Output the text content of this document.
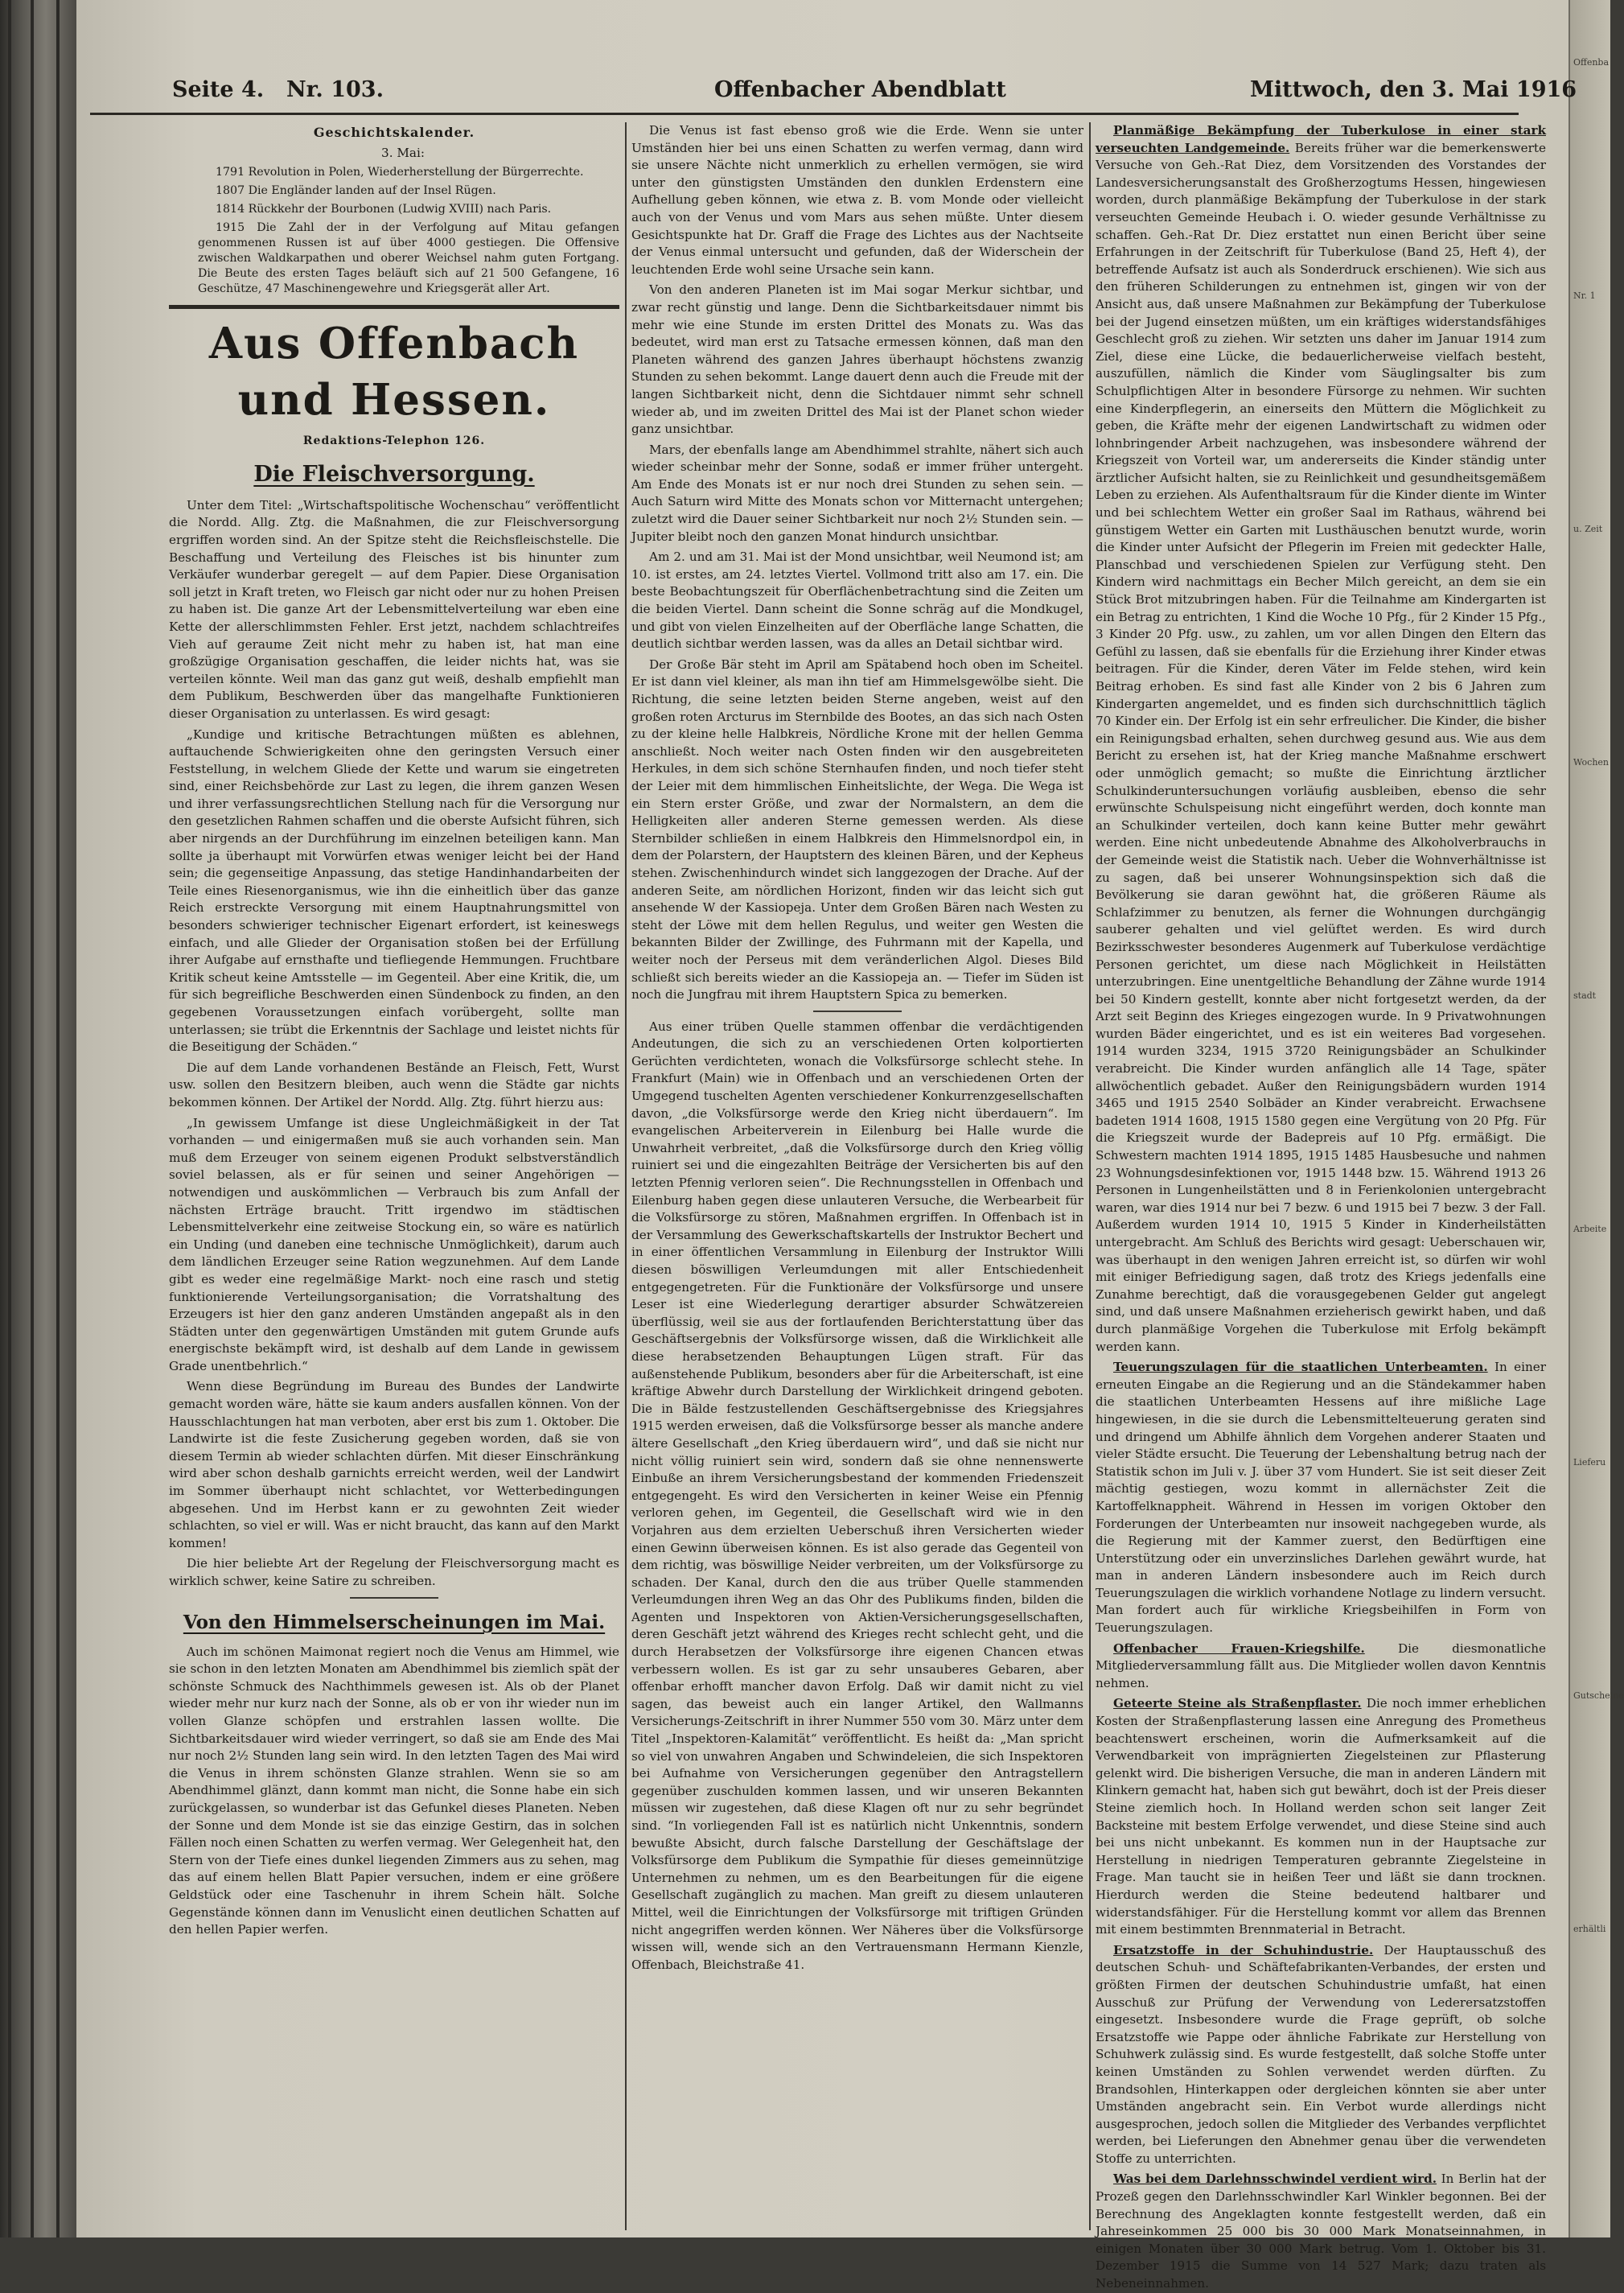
Offenba
Nr. 1
u. Zeit
Wochen
stadt
Arbeite
Lieferu
Gutscheine
erhältli
Seite 4. Nr. 103.	Offenbacher Abendblatt	Mittwoch, den 3. Mai 1916
Geschichtskalender.

3. Mai:

1791 Revolution in Polen, Wiederherstellung der Bürgerrechte.

1807 Die Engländer landen auf der Insel Rügen.

1814 Rückkehr der Bourbonen (Ludwig XVIII) nach Paris.

1915 Die Zahl der in der Verfolgung auf Mitau gefangen genommenen Russen ist auf über 4000 gestiegen. Die Offensive zwischen Waldkarpathen und oberer Weichsel nahm guten Fortgang. Die Beute des ersten Tages beläuft sich auf 21 500 Gefangene, 16 Geschütze, 47 Maschinengewehre und Kriegsgerät aller Art.

Aus Offenbach und Hessen.
Redaktions-Telephon 126.
Die Fleischversorgung.

Unter dem Titel: „Wirtschaftspolitische Wochenschau“ veröffentlicht die Nordd. Allg. Ztg. die Maßnahmen, die zur Fleischversorgung ergriffen worden sind. An der Spitze steht die Reichsfleischstelle. Die Beschaffung und Verteilung des Fleisches ist bis hinunter zum Verkäufer wunderbar geregelt — auf dem Papier. Diese Organisation soll jetzt in Kraft treten, wo Fleisch gar nicht oder nur zu hohen Preisen zu haben ist. Die ganze Art der Lebensmittelverteilung war eben eine Kette der allerschlimmsten Fehler. Erst jetzt, nachdem schlachtreifes Vieh auf geraume Zeit nicht mehr zu haben ist, hat man eine großzügige Organisation geschaffen, die leider nichts hat, was sie verteilen könnte. Weil man das ganz gut weiß, deshalb empfiehlt man dem Publikum, Beschwerden über das mangelhafte Funktionieren dieser Organisation zu unterlassen. Es wird gesagt:

„Kundige und kritische Betrachtungen müßten es ablehnen, auftauchende Schwierigkeiten ohne den geringsten Versuch einer Feststellung, in welchem Gliede der Kette und warum sie eingetreten sind, einer Reichsbehörde zur Last zu legen, die ihrem ganzen Wesen und ihrer verfassungsrechtlichen Stellung nach für die Versorgung nur den gesetzlichen Rahmen schaffen und die oberste Aufsicht führen, sich aber nirgends an der Durchführung im einzelnen beteiligen kann. Man sollte ja überhaupt mit Vorwürfen etwas weniger leicht bei der Hand sein; die gegenseitige Anpassung, das stetige Handinhandarbeiten der Teile eines Riesenorganismus, wie ihn die einheitlich über das ganze Reich erstreckte Versorgung mit einem Hauptnahrungsmittel von besonders schwieriger technischer Eigenart erfordert, ist keineswegs einfach, und alle Glieder der Organisation stoßen bei der Erfüllung ihrer Aufgabe auf ernsthafte und tiefliegende Hemmungen. Fruchtbare Kritik scheut keine Amtsstelle — im Gegenteil. Aber eine Kritik, die, um für sich begreifliche Beschwerden einen Sündenbock zu finden, an den gegebenen Voraussetzungen einfach vorübergeht, sollte man unterlassen; sie trübt die Erkenntnis der Sachlage und leistet nichts für die Beseitigung der Schäden.“

Die auf dem Lande vorhandenen Bestände an Fleisch, Fett, Wurst usw. sollen den Besitzern bleiben, auch wenn die Städte gar nichts bekommen können. Der Artikel der Nordd. Allg. Ztg. führt hierzu aus:

„In gewissem Umfange ist diese Ungleichmäßigkeit in der Tat vorhanden — und einigermaßen muß sie auch vorhanden sein. Man muß dem Erzeuger von seinem eigenen Produkt selbstverständlich soviel belassen, als er für seinen und seiner Angehörigen — notwendigen und auskömmlichen — Verbrauch bis zum Anfall der nächsten Erträge braucht. Tritt irgendwo im städtischen Lebensmittelverkehr eine zeitweise Stockung ein, so wäre es natürlich ein Unding (und daneben eine technische Unmöglichkeit), darum auch dem ländlichen Erzeuger seine Ration wegzunehmen. Auf dem Lande gibt es weder eine regelmäßige Markt- noch eine rasch und stetig funktionierende Verteilungsorganisation; die Vorratshaltung des Erzeugers ist hier den ganz anderen Umständen angepaßt als in den Städten unter den gegenwärtigen Umständen mit gutem Grunde aufs energischste bekämpft wird, ist deshalb auf dem Lande in gewissem Grade unentbehrlich.“

Wenn diese Begründung im Bureau des Bundes der Landwirte gemacht worden wäre, hätte sie kaum anders ausfallen können. Von der Hausschlachtungen hat man verboten, aber erst bis zum 1. Oktober. Die Landwirte ist die feste Zusicherung gegeben worden, daß sie von diesem Termin ab wieder schlachten dürfen. Mit dieser Einschränkung wird aber schon deshalb garnichts erreicht werden, weil der Landwirt im Sommer überhaupt nicht schlachtet, vor Wetterbedingungen abgesehen. Und im Herbst kann er zu gewohnten Zeit wieder schlachten, so viel er will. Was er nicht braucht, das kann auf den Markt kommen!

Die hier beliebte Art der Regelung der Fleischversorgung macht es wirklich schwer, keine Satire zu schreiben.

Von den Himmelserscheinungen im Mai.

Auch im schönen Maimonat regiert noch die Venus am Himmel, wie sie schon in den letzten Monaten am Abendhimmel bis ziemlich spät der schönste Schmuck des Nachthimmels gewesen ist. Als ob der Planet wieder mehr nur kurz nach der Sonne, als ob er von ihr wieder nun im vollen Glanze schöpfen und erstrahlen lassen wollte. Die Sichtbarkeitsdauer wird wieder verringert, so daß sie am Ende des Mai nur noch 2½ Stunden lang sein wird. In den letzten Tagen des Mai wird die Venus in ihrem schönsten Glanze strahlen. Wenn sie so am Abendhimmel glänzt, dann kommt man nicht, die Sonne habe ein sich zurückgelassen, so wunderbar ist das Gefunkel dieses Planeten. Neben der Sonne und dem Monde ist sie das einzige Gestirn, das in solchen Fällen noch einen Schatten zu werfen vermag. Wer Gelegenheit hat, den Stern von der Tiefe eines dunkel liegenden Zimmers aus zu sehen, mag das auf einem hellen Blatt Papier versuchen, indem er eine größere Geldstück oder eine Taschenuhr in ihrem Schein hält. Solche Gegenstände können dann im Venuslicht einen deutlichen Schatten auf den hellen Papier werfen.

Die Venus ist fast ebenso groß wie die Erde. Wenn sie unter Umständen hier bei uns einen Schatten zu werfen vermag, dann wird sie unsere Nächte nicht unmerklich zu erhellen vermögen, sie wird unter den günstigsten Umständen den dunklen Erdenstern eine Aufhellung geben können, wie etwa z. B. vom Monde oder vielleicht auch von der Venus und vom Mars aus sehen müßte. Unter diesem Gesichtspunkte hat Dr. Graff die Frage des Lichtes aus der Nachtseite der Venus einmal untersucht und gefunden, daß der Widerschein der leuchtenden Erde wohl seine Ursache sein kann.

Von den anderen Planeten ist im Mai sogar Merkur sichtbar, und zwar recht günstig und lange. Denn die Sichtbarkeitsdauer nimmt bis mehr wie eine Stunde im ersten Drittel des Monats zu. Was das bedeutet, wird man erst zu Tatsache ermessen können, daß man den Planeten während des ganzen Jahres überhaupt höchstens zwanzig Stunden zu sehen bekommt. Lange dauert denn auch die Freude mit der langen Sichtbarkeit nicht, denn die Sichtdauer nimmt sehr schnell wieder ab, und im zweiten Drittel des Mai ist der Planet schon wieder ganz unsichtbar.

Mars, der ebenfalls lange am Abendhimmel strahlte, nähert sich auch wieder scheinbar mehr der Sonne, sodaß er immer früher untergeht. Am Ende des Monats ist er nur noch drei Stunden zu sehen sein. — Auch Saturn wird Mitte des Monats schon vor Mitternacht untergehen; zuletzt wird die Dauer seiner Sichtbarkeit nur noch 2½ Stunden sein. — Jupiter bleibt noch den ganzen Monat hindurch unsichtbar.

Am 2. und am 31. Mai ist der Mond unsichtbar, weil Neumond ist; am 10. ist erstes, am 24. letztes Viertel. Vollmond tritt also am 17. ein. Die beste Beobachtungszeit für Oberflächenbetrachtung sind die Zeiten um die beiden Viertel. Dann scheint die Sonne schräg auf die Mondkugel, und gibt von vielen Einzelheiten auf der Oberfläche lange Schatten, die deutlich sichtbar werden lassen, was da alles an Detail sichtbar wird.

Der Große Bär steht im April am Spätabend hoch oben im Scheitel. Er ist dann viel kleiner, als man ihn tief am Himmelsgewölbe sieht. Die Richtung, die seine letzten beiden Sterne angeben, weist auf den großen roten Arcturus im Sternbilde des Bootes, an das sich nach Osten zu der kleine helle Halbkreis, Nördliche Krone mit der hellen Gemma anschließt. Noch weiter nach Osten finden wir den ausgebreiteten Herkules, in dem sich schöne Sternhaufen finden, und noch tiefer steht der Leier mit dem himmlischen Einheitslichte, der Wega. Die Wega ist ein Stern erster Größe, und zwar der Normalstern, an dem die Helligkeiten aller anderen Sterne gemessen werden. Als diese Sternbilder schließen in einem Halbkreis den Himmelsnordpol ein, in dem der Polarstern, der Hauptstern des kleinen Bären, und der Kepheus stehen. Zwischenhindurch windet sich langgezogen der Drache. Auf der anderen Seite, am nördlichen Horizont, finden wir das leicht sich gut ansehende W der Kassiopeja. Unter dem Großen Bären nach Westen zu steht der Löwe mit dem hellen Regulus, und weiter gen Westen die bekannten Bilder der Zwillinge, des Fuhrmann mit der Kapella, und weiter noch der Perseus mit dem veränderlichen Algol. Dieses Bild schließt sich bereits wieder an die Kassiopeja an. — Tiefer im Süden ist noch die Jungfrau mit ihrem Hauptstern Spica zu bemerken.

Aus einer trüben Quelle stammen offenbar die verdächtigenden Andeutungen, die sich zu an verschiedenen Orten kolportierten Gerüchten verdichteten, wonach die Volksfürsorge schlecht stehe. In Frankfurt (Main) wie in Offenbach und an verschiedenen Orten der Umgegend tuschelten Agenten verschiedener Konkurrenzgesellschaften davon, „die Volksfürsorge werde den Krieg nicht überdauern“. Im evangelischen Arbeiterverein in Eilenburg bei Halle wurde die Unwahrheit verbreitet, „daß die Volksfürsorge durch den Krieg völlig ruiniert sei und die eingezahlten Beiträge der Versicherten bis auf den letzten Pfennig verloren seien“. Die Rechnungsstellen in Offenbach und Eilenburg haben gegen diese unlauteren Versuche, die Werbearbeit für die Volksfürsorge zu stören, Maßnahmen ergriffen. In Offenbach ist in der Versammlung des Gewerkschaftskartells der Instruktor Bechert und in einer öffentlichen Versammlung in Eilenburg der Instruktor Willi diesen böswilligen Verleumdungen mit aller Entschiedenheit entgegengetreten. Für die Funktionäre der Volksfürsorge und unsere Leser ist eine Wiederlegung derartiger absurder Schwätzereien überflüssig, weil sie aus der fortlaufenden Berichterstattung über das Geschäftsergebnis der Volksfürsorge wissen, daß die Wirklichkeit alle diese herabsetzenden Behauptungen Lügen straft. Für das außenstehende Publikum, besonders aber für die Arbeiterschaft, ist eine kräftige Abwehr durch Darstellung der Wirklichkeit dringend geboten. Die in Bälde festzustellenden Geschäftsergebnisse des Kriegsjahres 1915 werden erweisen, daß die Volksfürsorge besser als manche andere ältere Gesellschaft „den Krieg überdauern wird“, und daß sie nicht nur nicht völlig ruiniert sein wird, sondern daß sie ohne nennenswerte Einbuße an ihrem Versicherungsbestand der kommenden Friedenszeit entgegengeht. Es wird den Versicherten in keiner Weise ein Pfennig verloren gehen, im Gegenteil, die Gesellschaft wird wie in den Vorjahren aus dem erzielten Ueberschuß ihren Versicherten wieder einen Gewinn überweisen können. Es ist also gerade das Gegenteil von dem richtig, was böswillige Neider verbreiten, um der Volksfürsorge zu schaden. Der Kanal, durch den die aus trüber Quelle stammenden Verleumdungen ihren Weg an das Ohr des Publikums finden, bilden die Agenten und Inspektoren von Aktien-Versicherungsgesellschaften, deren Geschäft jetzt während des Krieges recht schlecht geht, und die durch Herabsetzen der Volksfürsorge ihre eigenen Chancen etwas verbessern wollen. Es ist gar zu sehr unsauberes Gebaren, aber offenbar erhofft mancher davon Erfolg. Daß wir damit nicht zu viel sagen, das beweist auch ein langer Artikel, den Wallmanns Versicherungs-Zeitschrift in ihrer Nummer 550 vom 30. März unter dem Titel „Inspektoren-Kalamität“ veröffentlicht. Es heißt da: „Man spricht so viel von unwahren Angaben und Schwindeleien, die sich Inspektoren bei Aufnahme von Versicherungen gegenüber den Antragstellern gegenüber zuschulden kommen lassen, und wir unseren Bekannten müssen wir zugestehen, daß diese Klagen oft nur zu sehr begründet sind. “In vorliegenden Fall ist es natürlich nicht Unkenntnis, sondern bewußte Absicht, durch falsche Darstellung der Geschäftslage der Volksfürsorge dem Publikum die Sympathie für dieses gemeinnützige Unternehmen zu nehmen, um es den Bearbeitungen für die eigene Gesellschaft zugänglich zu machen. Man greift zu diesem unlauteren Mittel, weil die Einrichtungen der Volksfürsorge mit triftigen Gründen nicht angegriffen werden können. Wer Näheres über die Volksfürsorge wissen will, wende sich an den Vertrauensmann Hermann Kienzle, Offenbach, Bleichstraße 41.

Planmäßige Bekämpfung der Tuberkulose in einer stark verseuchten Landgemeinde. Bereits früher war die bemerkenswerte Versuche von Geh.-Rat Diez, dem Vorsitzenden des Vorstandes der Landesversicherungsanstalt des Großherzogtums Hessen, hingewiesen worden, durch planmäßige Bekämpfung der Tuberkulose in der stark verseuchten Gemeinde Heubach i. O. wieder gesunde Verhältnisse zu schaffen. Geh.-Rat Dr. Diez erstattet nun einen Bericht über seine Erfahrungen in der Zeitschrift für Tuberkulose (Band 25, Heft 4), der betreffende Aufsatz ist auch als Sonderdruck erschienen). Wie sich aus den früheren Schilderungen zu entnehmen ist, gingen wir von der Ansicht aus, daß unsere Maßnahmen zur Bekämpfung der Tuberkulose bei der Jugend einsetzen müßten, um ein kräftiges widerstandsfähiges Geschlecht groß zu ziehen. Wir setzten uns daher im Januar 1914 zum Ziel, diese eine Lücke, die bedauerlicherweise vielfach besteht, auszufüllen, nämlich die Kinder vom Säuglingsalter bis zum Schulpflichtigen Alter in besondere Fürsorge zu nehmen. Wir suchten eine Kinderpflegerin, an einerseits den Müttern die Möglichkeit zu geben, die Kräfte mehr der eigenen Landwirtschaft zu widmen oder lohnbringender Arbeit nachzugehen, was insbesondere während der Kriegszeit von Vorteil war, um andererseits die Kinder ständig unter ärztlicher Aufsicht halten, sie zu Reinlichkeit und gesundheitsgemäßem Leben zu erziehen. Als Aufenthaltsraum für die Kinder diente im Winter und bei schlechtem Wetter ein großer Saal im Rathaus, während bei günstigem Wetter ein Garten mit Lusthäuschen benutzt wurde, worin die Kinder unter Aufsicht der Pflegerin im Freien mit gedeckter Halle, Planschbad und verschiedenen Spielen zur Verfügung steht. Den Kindern wird nachmittags ein Becher Milch gereicht, an dem sie ein Stück Brot mitzubringen haben. Für die Teilnahme am Kindergarten ist ein Betrag zu entrichten, 1 Kind die Woche 10 Pfg., für 2 Kinder 15 Pfg., 3 Kinder 20 Pfg. usw., zu zahlen, um vor allen Dingen den Eltern das Gefühl zu lassen, daß sie ebenfalls für die Erziehung ihrer Kinder etwas beitragen. Für die Kinder, deren Väter im Felde stehen, wird kein Beitrag erhoben. Es sind fast alle Kinder von 2 bis 6 Jahren zum Kindergarten angemeldet, und es finden sich durchschnittlich täglich 70 Kinder ein. Der Erfolg ist ein sehr erfreulicher. Die Kinder, die bisher ein Reinigungsbad erhalten, sehen durchweg gesund aus. Wie aus dem Bericht zu ersehen ist, hat der Krieg manche Maßnahme erschwert oder unmöglich gemacht; so mußte die Einrichtung ärztlicher Schulkinderuntersuchungen vorläufig ausbleiben, ebenso die sehr erwünschte Schulspeisung nicht eingeführt werden, doch konnte man an Schulkinder verteilen, doch kann keine Butter mehr gewährt werden. Eine nicht unbedeutende Abnahme des Alkoholverbrauchs in der Gemeinde weist die Statistik nach. Ueber die Wohnverhältnisse ist zu sagen, daß bei unserer Wohnungsinspektion sich daß die Bevölkerung sie daran gewöhnt hat, die größeren Räume als Schlafzimmer zu benutzen, als ferner die Wohnungen durchgängig sauberer gehalten und viel gelüftet werden. Es wird durch Bezirksschwester besonderes Augenmerk auf Tuberkulose verdächtige Personen gerichtet, um diese nach Möglichkeit in Heilstätten unterzubringen. Eine unentgeltliche Behandlung der Zähne wurde 1914 bei 50 Kindern gestellt, konnte aber nicht fortgesetzt werden, da der Arzt seit Beginn des Krieges eingezogen wurde. In 9 Privatwohnungen wurden Bäder eingerichtet, und es ist ein weiteres Bad vorgesehen. 1914 wurden 3234, 1915 3720 Reinigungsbäder an Schulkinder verabreicht. Die Kinder wurden anfänglich alle 14 Tage, später allwöchentlich gebadet. Außer den Reinigungsbädern wurden 1914 3465 und 1915 2540 Solbäder an Kinder verabreicht. Erwachsene badeten 1914 1608, 1915 1580 gegen eine Vergütung von 20 Pfg. Für die Kriegszeit wurde der Badepreis auf 10 Pfg. ermäßigt. Die Schwestern machten 1914 1895, 1915 1485 Hausbesuche und nahmen 23 Wohnungsdesinfektionen vor, 1915 1448 bzw. 15. Während 1913 26 Personen in Lungenheilstätten und 8 in Ferienkolonien untergebracht waren, war dies 1914 nur bei 7 bezw. 6 und 1915 bei 7 bezw. 3 der Fall. Außerdem wurden 1914 10, 1915 5 Kinder in Kinderheilstätten untergebracht. Am Schluß des Berichts wird gesagt: Ueberschauen wir, was überhaupt in den wenigen Jahren erreicht ist, so dürfen wir wohl mit einiger Befriedigung sagen, daß trotz des Kriegs jedenfalls eine Zunahme berechtigt, daß die vorausgegebenen Gelder gut angelegt sind, und daß unsere Maßnahmen erzieherisch gewirkt haben, und daß durch planmäßige Vorgehen die Tuberkulose mit Erfolg bekämpft werden kann.

Teuerungszulagen für die staatlichen Unterbeamten. In einer erneuten Eingabe an die Regierung und an die Ständekammer haben die staatlichen Unterbeamten Hessens auf ihre mißliche Lage hingewiesen, in die sie durch die Lebensmittelteuerung geraten sind und dringend um Abhilfe ähnlich dem Vorgehen anderer Staaten und vieler Städte ersucht. Die Teuerung der Lebenshaltung betrug nach der Statistik schon im Juli v. J. über 37 vom Hundert. Sie ist seit dieser Zeit mächtig gestiegen, wozu kommt in allernächster Zeit die Kartoffelknappheit. Während in Hessen im vorigen Oktober den Forderungen der Unterbeamten nur insoweit nachgegeben wurde, als die Regierung mit der Kammer zuerst, den Bedürftigen eine Unterstützung oder ein unverzinsliches Darlehen gewährt wurde, hat man in anderen Ländern insbesondere auch im Reich durch Teuerungszulagen die wirklich vorhandene Notlage zu lindern versucht. Man fordert auch für wirkliche Kriegsbeihilfen in Form von Teuerungszulagen.

Offenbacher Frauen-Kriegshilfe. Die diesmonatliche Mitgliederversammlung fällt aus. Die Mitglieder wollen davon Kenntnis nehmen.

Geteerte Steine als Straßenpflaster. Die noch immer erheblichen Kosten der Straßenpflasterung lassen eine Anregung des Prometheus beachtenswert erscheinen, worin die Aufmerksamkeit auf die Verwendbarkeit von imprägnierten Ziegelsteinen zur Pflasterung gelenkt wird. Die bisherigen Versuche, die man in anderen Ländern mit Klinkern gemacht hat, haben sich gut bewährt, doch ist der Preis dieser Steine ziemlich hoch. In Holland werden schon seit langer Zeit Backsteine mit bestem Erfolge verwendet, und diese Steine sind auch bei uns nicht unbekannt. Es kommen nun in der Hauptsache zur Herstellung in niedrigen Temperaturen gebrannte Ziegelsteine in Frage. Man taucht sie in heißen Teer und läßt sie dann trocknen. Hierdurch werden die Steine bedeutend haltbarer und widerstandsfähiger. Für die Herstellung kommt vor allem das Brennen mit einem bestimmten Brennmaterial in Betracht.

Ersatzstoffe in der Schuhindustrie. Der Hauptausschuß des deutschen Schuh- und Schäftefabrikanten-Verbandes, der ersten und größten Firmen der deutschen Schuhindustrie umfaßt, hat einen Ausschuß zur Prüfung der Verwendung von Lederersatzstoffen eingesetzt. Insbesondere wurde die Frage geprüft, ob solche Ersatzstoffe wie Pappe oder ähnliche Fabrikate zur Herstellung von Schuhwerk zulässig sind. Es wurde festgestellt, daß solche Stoffe unter keinen Umständen zu Sohlen verwendet werden dürften. Zu Brandsohlen, Hinterkappen oder dergleichen könnten sie aber unter Umständen angebracht sein. Ein Verbot wurde allerdings nicht ausgesprochen, jedoch sollen die Mitglieder des Verbandes verpflichtet werden, bei Lieferungen den Abnehmer genau über die verwendeten Stoffe zu unterrichten.

Was bei dem Darlehnsschwindel verdient wird. In Berlin hat der Prozeß gegen den Darlehnsschwindler Karl Winkler begonnen. Bei der Berechnung des Angeklagten konnte festgestellt werden, daß ein Jahreseinkommen 25 000 bis 30 000 Mark Monatseinnahmen, in einigen Monaten über 30 000 Mark betrug. Vom 1. Oktober bis 31. Dezember 1915 die Summe von 14 527 Mark; dazu traten als Nebeneinnahmen.
